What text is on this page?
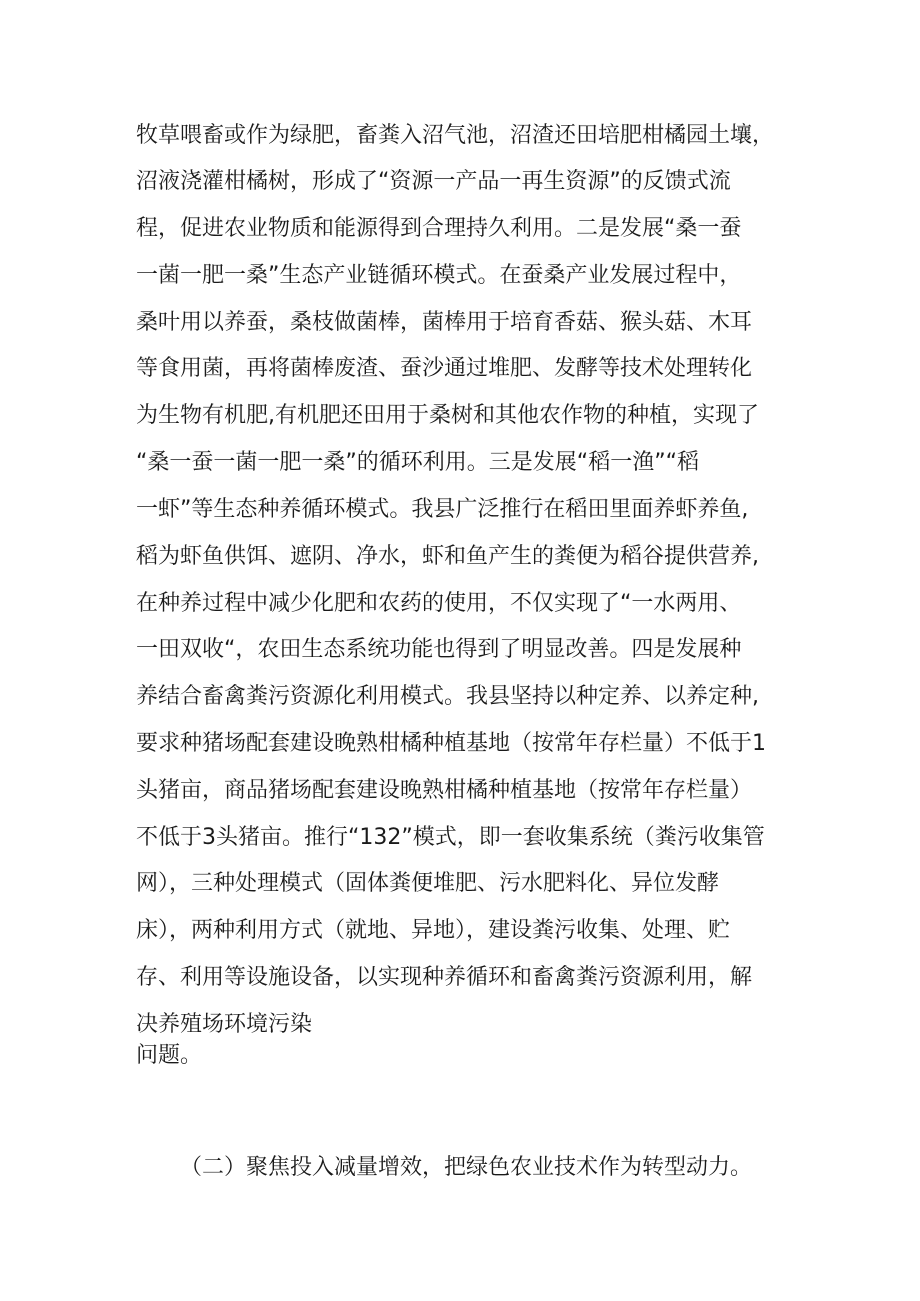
牧草喂畜或作为绿肥，畜粪入沼气池，沼渣还田培肥柑橘园土壤，
沼液浇灌柑橘树，形成了“资源一产品一再生资源”的反馈式流
程，促进农业物质和能源得到合理持久利用。二是发展“桑一蚕
一菌一肥一桑”生态产业链循环模式。在蚕桑产业发展过程中，
桑叶用以养蚕，桑枝做菌棒，菌棒用于培育香菇、猴头菇、木耳
等食用菌，再将菌棒废渣、蚕沙通过堆肥、发酵等技术处理转化
为生物有机肥,有机肥还田用于桑树和其他农作物的种植，实现了
“桑一蚕一菌一肥一桑”的循环利用。三是发展“稻一渔”“稻
一虾”等生态种养循环模式。我县广泛推行在稻田里面养虾养鱼,
稻为虾鱼供饵、遮阴、净水，虾和鱼产生的粪便为稻谷提供营养,
在种养过程中减少化肥和农药的使用，不仅实现了“一水两用、
一田双收“，农田生态系统功能也得到了明显改善。四是发展种
养结合畜禽粪污资源化利用模式。我县坚持以种定养、以养定种,
要求种猪场配套建设晚熟柑橘种植基地（按常年存栏量）不低于1
头猪亩，商品猪场配套建设晚熟柑橘种植基地（按常年存栏量）
不低于3头猪亩。推行“132”模式，即一套收集系统（粪污收集管
网），三种处理模式（固体粪便堆肥、污水肥料化、异位发酵
床），两种利用方式（就地、异地），建设粪污收集、处理、贮
存、利用等设施设备，以实现种养循环和畜禽粪污资源利用，解
决养殖场环境污染
问题。
（二）聚焦投入减量增效，把绿色农业技术作为转型动力。
